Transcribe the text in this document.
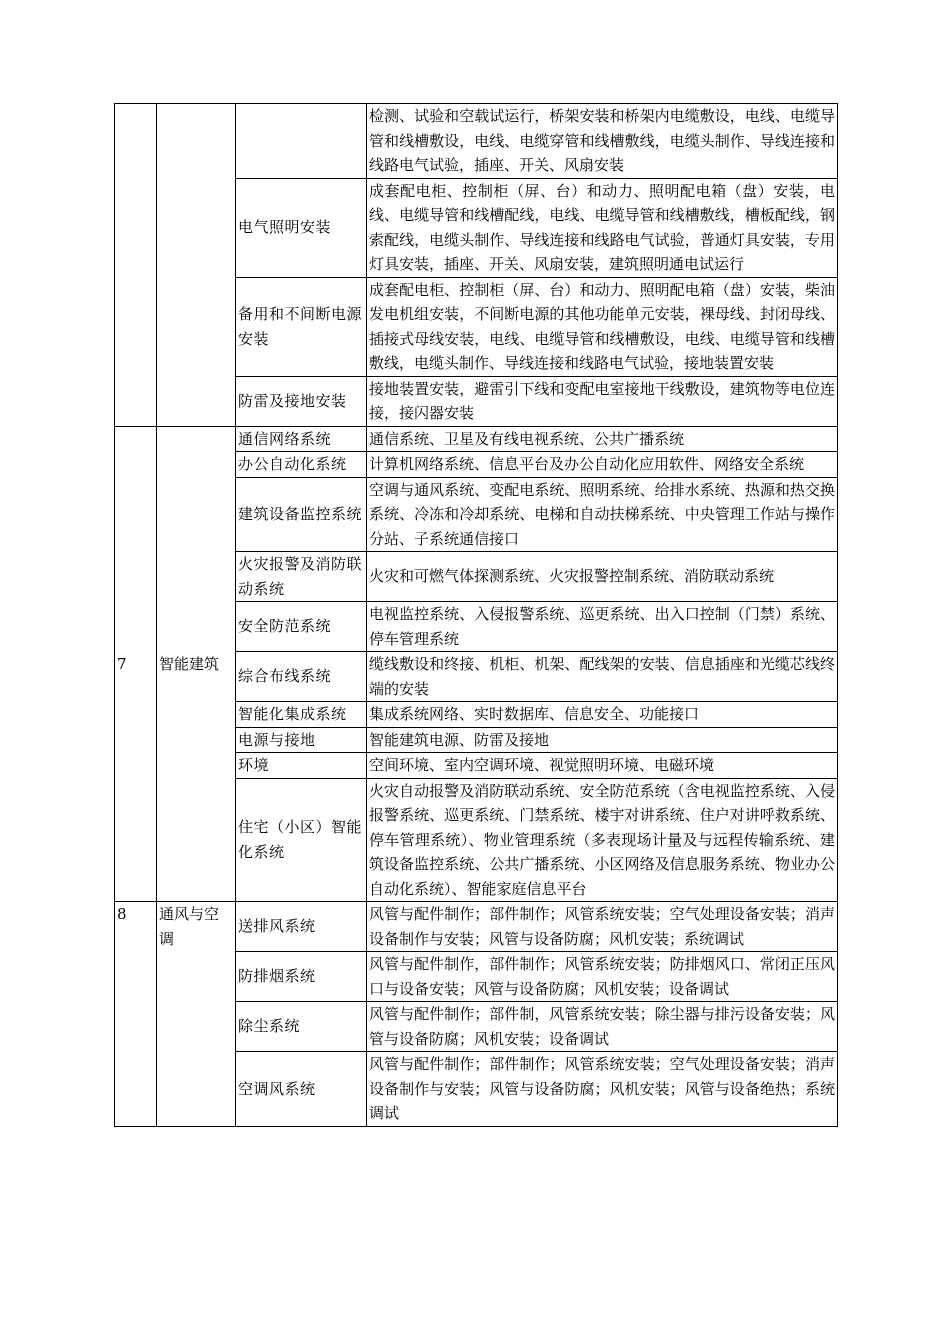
			检测、试验和空载试运行，桥架安装和桥架内电缆敷设，电线、电缆导管和线槽敷设，电线、电缆穿管和线槽敷线，电缆头制作、导线连接和线路电气试验，插座、开关、风扇安装
		电气照明安装	成套配电柜、控制柜（屏、台）和动力、照明配电箱（盘）安装，电线、电缆导管和线槽配线，电线、电缆导管和线槽敷线，槽板配线，钢索配线，电缆头制作、导线连接和线路电气试验，普通灯具安装，专用灯具安装，插座、开关、风扇安装，建筑照明通电试运行
		备用和不间断电源安装	成套配电柜、控制柜（屏、台）和动力、照明配电箱（盘）安装，柴油发电机组安装，不间断电源的其他功能单元安装，裸母线、封闭母线、插接式母线安装，电线、电缆导管和线槽敷设，电线、电缆导管和线槽敷线，电缆头制作、导线连接和线路电气试验，接地装置安装
		防雷及接地安装	接地装置安装，避雷引下线和变配电室接地干线敷设，建筑物等电位连接，接闪器安装
7	智能建筑	通信网络系统	通信系统、卫星及有线电视系统、公共广播系统
		办公自动化系统	计算机网络系统、信息平台及办公自动化应用软件、网络安全系统
		建筑设备监控系统	空调与通风系统、变配电系统、照明系统、给排水系统、热源和热交换系统、冷冻和冷却系统、电梯和自动扶梯系统、中央管理工作站与操作分站、子系统通信接口
		火灾报警及消防联动系统	火灾和可燃气体探测系统、火灾报警控制系统、消防联动系统
		安全防范系统	电视监控系统、入侵报警系统、巡更系统、出入口控制（门禁）系统、停车管理系统
		综合布线系统	缆线敷设和终接、机柜、机架、配线架的安装、信息插座和光缆芯线终端的安装
		智能化集成系统	集成系统网络、实时数据库、信息安全、功能接口
		电源与接地	智能建筑电源、防雷及接地
		环境	空间环境、室内空调环境、视觉照明环境、电磁环境
		住宅（小区）智能化系统	火灾自动报警及消防联动系统、安全防范系统（含电视监控系统、入侵报警系统、巡更系统、门禁系统、楼宇对讲系统、住户对讲呼救系统、停车管理系统）、物业管理系统（多表现场计量及与远程传输系统、建筑设备监控系统、公共广播系统、小区网络及信息服务系统、物业办公自动化系统）、智能家庭信息平台
8	通风与空调	送排风系统	风管与配件制作；部件制作；风管系统安装；空气处理设备安装；消声设备制作与安装；风管与设备防腐；风机安装；系统调试
		防排烟系统	风管与配件制作，部件制作；风管系统安装；防排烟风口、常闭正压风口与设备安装；风管与设备防腐；风机安装；设备调试
		除尘系统	风管与配件制作；部件制，风管系统安装；除尘器与排污设备安装；风管与设备防腐；风机安装；设备调试
		空调风系统	风管与配件制作；部件制作；风管系统安装；空气处理设备安装；消声设备制作与安装；风管与设备防腐；风机安装；风管与设备绝热；系统调试
